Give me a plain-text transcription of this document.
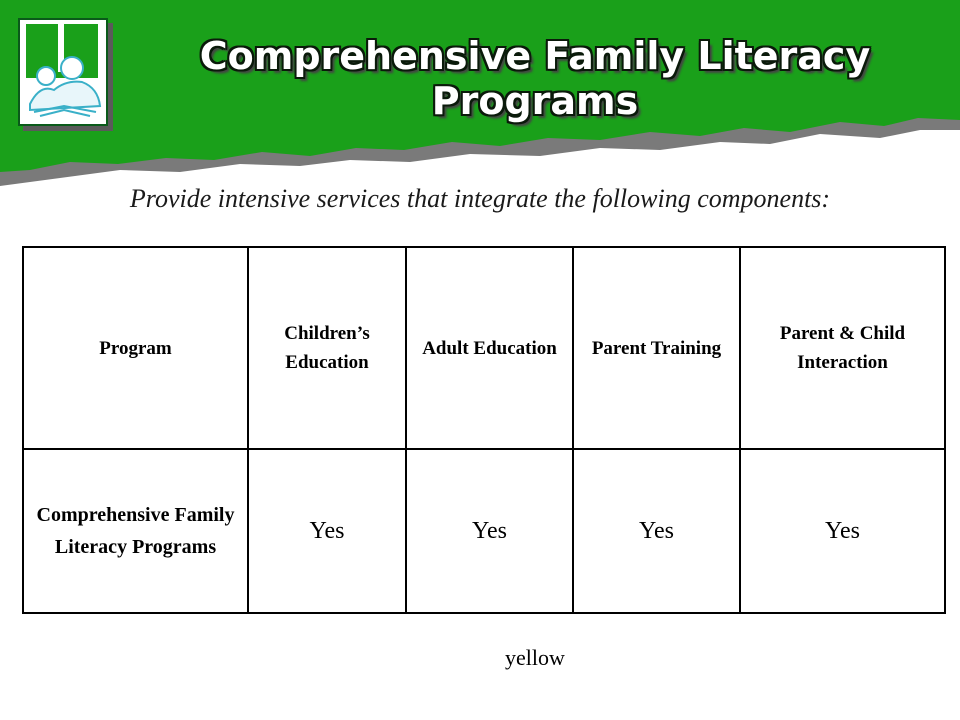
Comprehensive Family Literacy
Programs
Provide intensive services that integrate the following components:
Program	Children’s Education	Adult Education	Parent Training	Parent & Child Interaction
Comprehensive Family Literacy Programs	Yes	Yes	Yes	Yes
yellow
